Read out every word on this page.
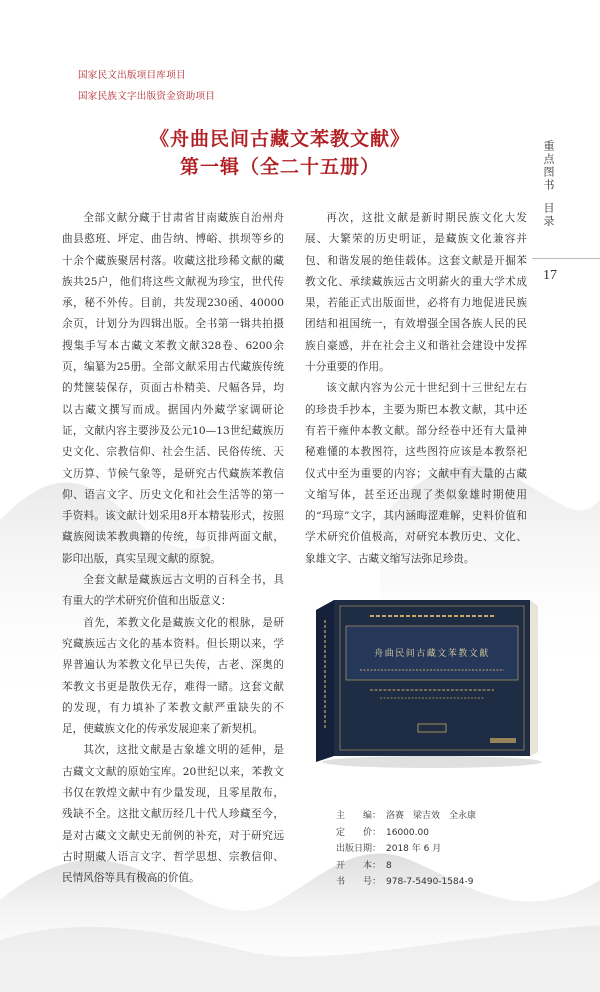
国家民文出版项目库项目
国家民族文字出版资金资助项目
《舟曲民间古藏文苯教文献》
第一辑（全二十五册）	重点图书目录
17

全部文献分藏于甘肃省甘南藏族自治州舟曲县憨班、坪定、曲告纳、博峪、拱坝等乡的十余个藏族聚居村落。收藏这批珍稀文献的藏族共25户，他们将这些文献视为珍宝，世代传承，秘不外传。目前，共发现230函、40000余页，计划分为四辑出版。全书第一辑共拍摄搜集手写本古藏文苯教文献328卷、6200余页，编纂为25册。全部文献采用古代藏族传统的梵箧装保存，页面古朴精美、尺幅各异，均以古藏文撰写而成。据国内外藏学家调研论证，文献内容主要涉及公元10—13世纪藏族历史文化、宗教信仰、社会生活、民俗传统、天文历算、节候气象等，是研究古代藏族苯教信仰、语言文字、历史文化和社会生活等的第一手资料。该文献计划采用8开本精装形式，按照藏族阅读苯教典籍的传统，每页排两面文献，影印出版，真实呈现文献的原貌。

全套文献是藏族远古文明的百科全书，具有重大的学术研究价值和出版意义：

首先，苯教文化是藏族文化的根脉，是研究藏族远古文化的基本资料。但长期以来，学界普遍认为苯教文化早已失传，古老、深奥的苯教文书更是散佚无存，难得一睹。这套文献的发现，有力填补了苯教文献严重缺失的不足，使藏族文化的传承发展迎来了新契机。

其次，这批文献是古象雄文明的延伸，是古藏文文献的原始宝库。20世纪以来，苯教文书仅在敦煌文献中有少量发现，且零星散布，残缺不全。这批文献历经几十代人珍藏至今，是对古藏文文献史无前例的补充，对于研究远古时期藏人语言文字、哲学思想、宗教信仰、民情风俗等具有极高的价值。

再次，这批文献是新时期民族文化大发展、大繁荣的历史明证，是藏族文化兼容并包、和谐发展的绝佳载体。这套文献是开掘苯教文化、承续藏族远古文明薪火的重大学术成果，若能正式出版面世，必将有力地促进民族团结和祖国统一，有效增强全国各族人民的民族自豪感，并在社会主义和谐社会建设中发挥十分重要的作用。

该文献内容为公元十世纪到十三世纪左右的珍贵手抄本，主要为斯巴本教文献，其中还有若干雍仲本教文献。部分经卷中还有大量神秘难懂的本教图符，这些图符应该是本教祭祀仪式中至为重要的内容；文献中有大量的古藏文缩写体，甚至还出现了类似象雄时期使用的“玛琼”文字，其内涵晦涩难解，史料价值和学术研究价值极高，对研究本教历史、文化、象雄文字、古藏文缩写法弥足珍贵。

舟曲民间古藏文苯教文献
主　　编： 洛赛　梁吉效　全永康
定　　价： 16000.00
出版日期： 2018 年 6 月
开　　本： 8
书　　号： 978-7-5490-1584-9
